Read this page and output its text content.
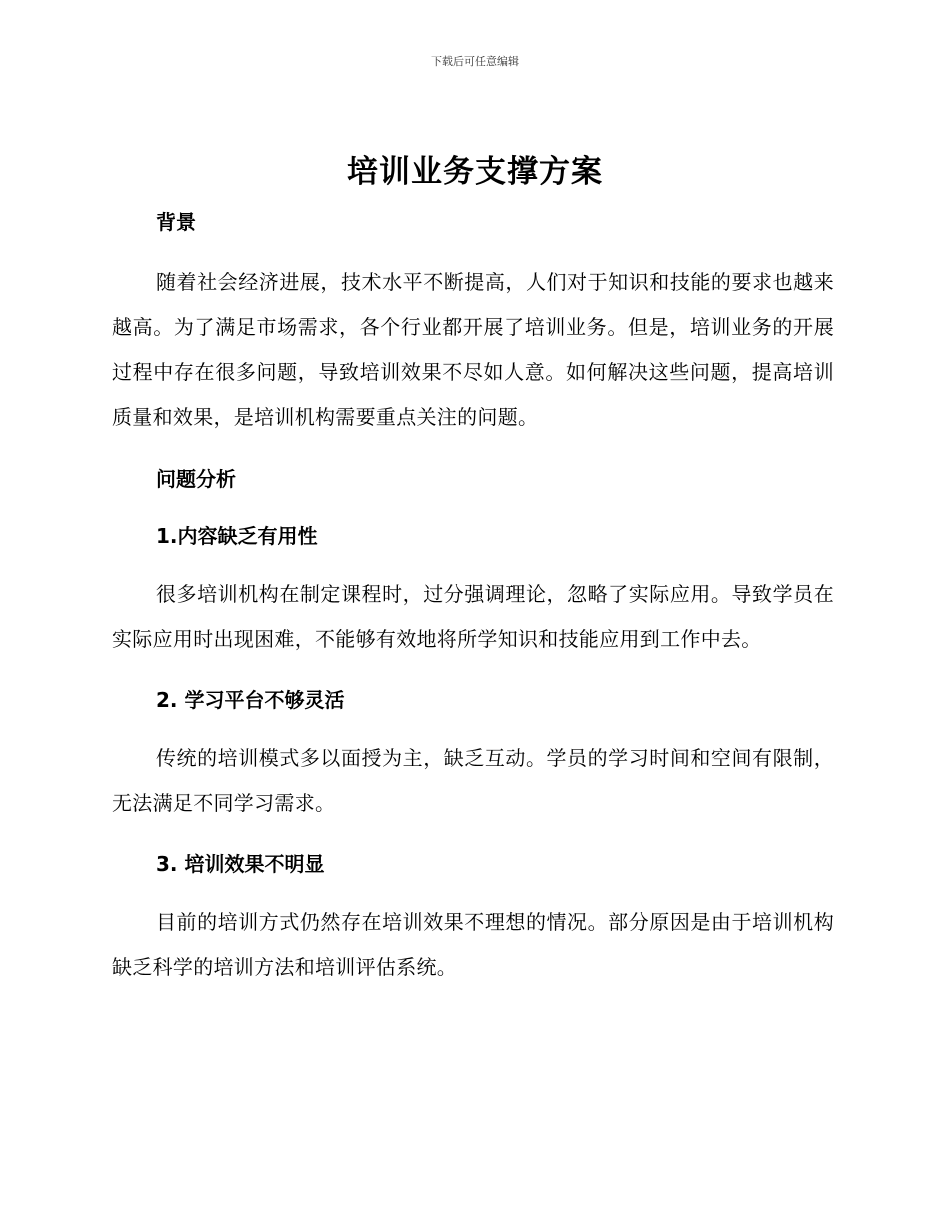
下载后可任意编辑
培训业务支撑方案

背景

随着社会经济进展，技术水平不断提高，人们对于知识和技能的要求也越来越高。为了满足市场需求，各个行业都开展了培训业务。但是，培训业务的开展过程中存在很多问题，导致培训效果不尽如人意。如何解决这些问题，提高培训质量和效果，是培训机构需要重点关注的问题。

问题分析

1.内容缺乏有用性

很多培训机构在制定课程时，过分强调理论，忽略了实际应用。导致学员在实际应用时出现困难，不能够有效地将所学知识和技能应用到工作中去。

2. 学习平台不够灵活

传统的培训模式多以面授为主，缺乏互动。学员的学习时间和空间有限制，无法满足不同学习需求。

3. 培训效果不明显

目前的培训方式仍然存在培训效果不理想的情况。部分原因是由于培训机构缺乏科学的培训方法和培训评估系统。
